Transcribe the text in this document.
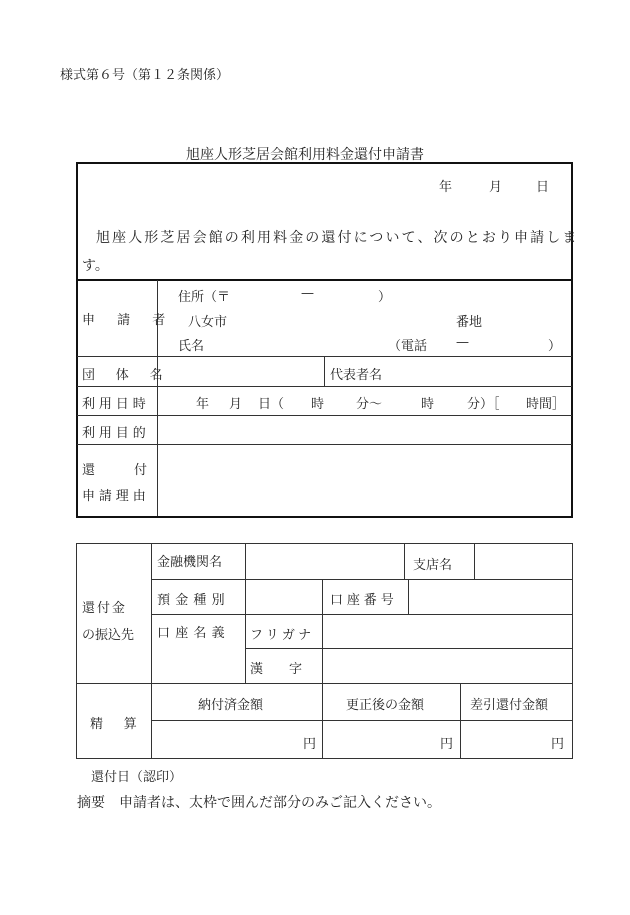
様式第６号（第１２条関係）
旭座人形芝居会館利用料金還付申請書
年	月	日
旭座人形芝居会館の利用料金の還付について、次のとおり申請しま
す。
申　請　者
住所（〒	—	）
八女市	番地
氏名	（電話 —	）
団　体　名	代表者名
利用日時	年 月 日（ 時 分～	時	分）［ 時間］
利用目的
還　　　付
申請理由
還付金
の振込先
金融機関名	支店名
預金種別	口座番号
口座名義 フリガナ
漢　　字
精　算
納付済金額	更正後の金額	差引還付金額
円	円	円
還付日（認印）
摘要　申請者は、太枠で囲んだ部分のみご記入ください。
